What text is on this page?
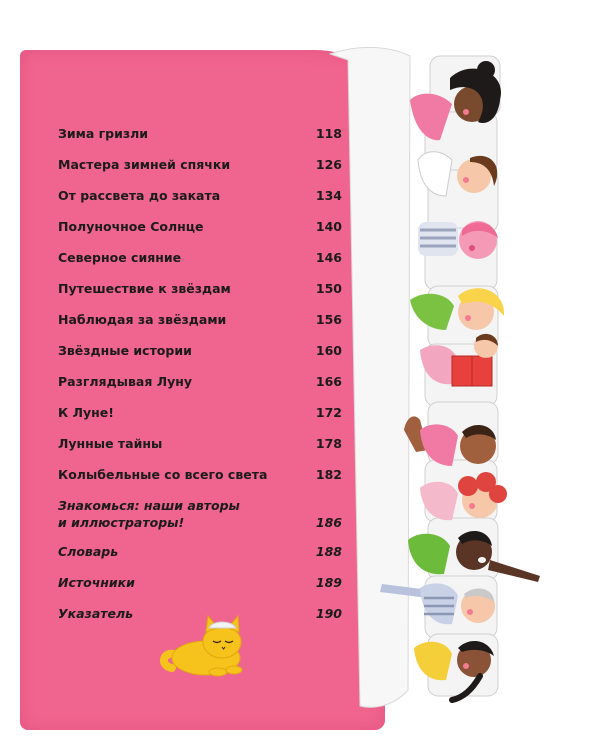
Зима гризли	118
Мастера зимней спячки	126
От рассвета до заката	134
Полуночное Солнце	140
Северное сияние	146
Путешествие к звёздам	150
Наблюдая за звёздами	156
Звёздные истории	160
Разглядывая Луну	166
К Луне!	172
Лунные тайны	178
Колыбельные со всего света	182
Знакомься: наши авторы
и иллюстраторы!	186
Словарь	188
Источники	189
Указатель	190
